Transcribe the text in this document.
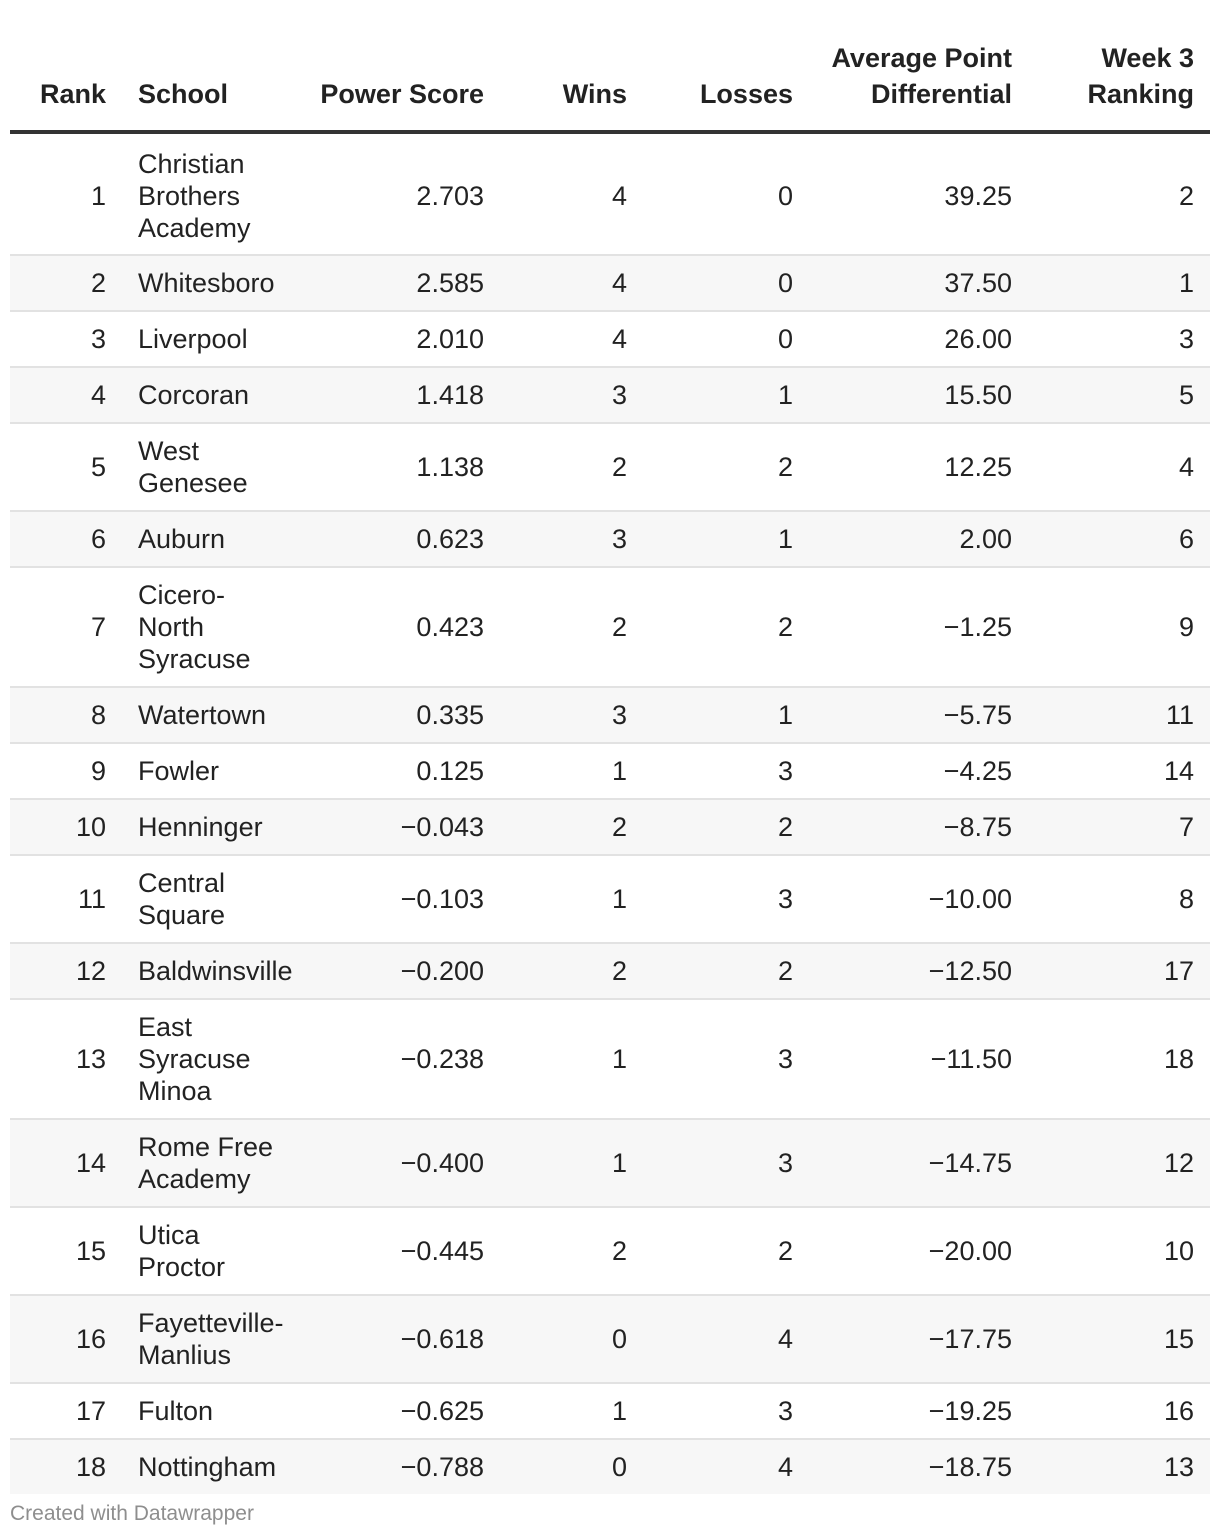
Rank	School	Power Score	Wins	Losses	Average Point Differential	Week 3 Ranking
1	Christian Brothers Academy	2.703	4	0	39.25	2
2	Whitesboro	2.585	4	0	37.50	1
3	Liverpool	2.010	4	0	26.00	3
4	Corcoran	1.418	3	1	15.50	5
5	West Genesee	1.138	2	2	12.25	4
6	Auburn	0.623	3	1	2.00	6
7	Cicero-North Syracuse	0.423	2	2	−1.25	9
8	Watertown	0.335	3	1	−5.75	11
9	Fowler	0.125	1	3	−4.25	14
10	Henninger	−0.043	2	2	−8.75	7
11	Central Square	−0.103	1	3	−10.00	8
12	Baldwinsville	−0.200	2	2	−12.50	17
13	East Syracuse Minoa	−0.238	1	3	−11.50	18
14	Rome Free Academy	−0.400	1	3	−14.75	12
15	Utica Proctor	−0.445	2	2	−20.00	10
16	Fayetteville-Manlius	−0.618	0	4	−17.75	15
17	Fulton	−0.625	1	3	−19.25	16
18	Nottingham	−0.788	0	4	−18.75	13
Created with Datawrapper
